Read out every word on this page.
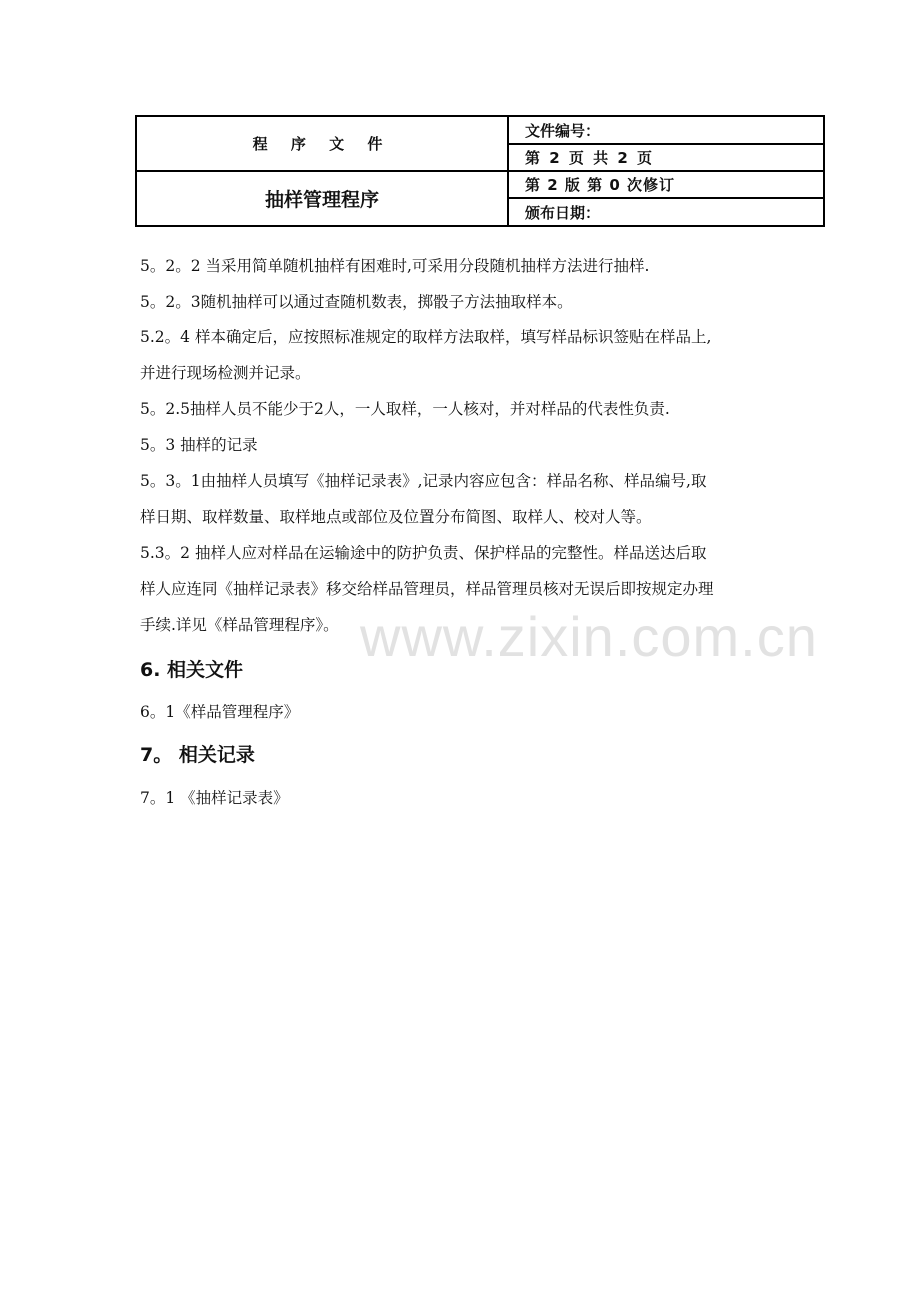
程 序 文 件
抽样管理程序
文件编号：
第 2 页 共 2 页
第 2 版 第 0 次修订
颁布日期：
5。2。2 当采用简单随机抽样有困难时,可采用分段随机抽样方法进行抽样.
5。2。3随机抽样可以通过查随机数表，掷骰子方法抽取样本。
5.2。4 样本确定后，应按照标准规定的取样方法取样，填写样品标识签贴在样品上,
并进行现场检测并记录。
5。2.5抽样人员不能少于2人，一人取样，一人核对，并对样品的代表性负责.
5。3 抽样的记录
5。3。1由抽样人员填写《抽样记录表》,记录内容应包含：样品名称、样品编号,取
样日期、取样数量、取样地点或部位及位置分布简图、取样人、校对人等。
5.3。2 抽样人应对样品在运输途中的防护负责、保护样品的完整性。样品送达后取
样人应连同《抽样记录表》移交给样品管理员，样品管理员核对无误后即按规定办理
手续.详见《样品管理程序》。 www.zixin.com.cn
6. 相关文件
6。1《样品管理程序》
7。 相关记录
7。1 《抽样记录表》
